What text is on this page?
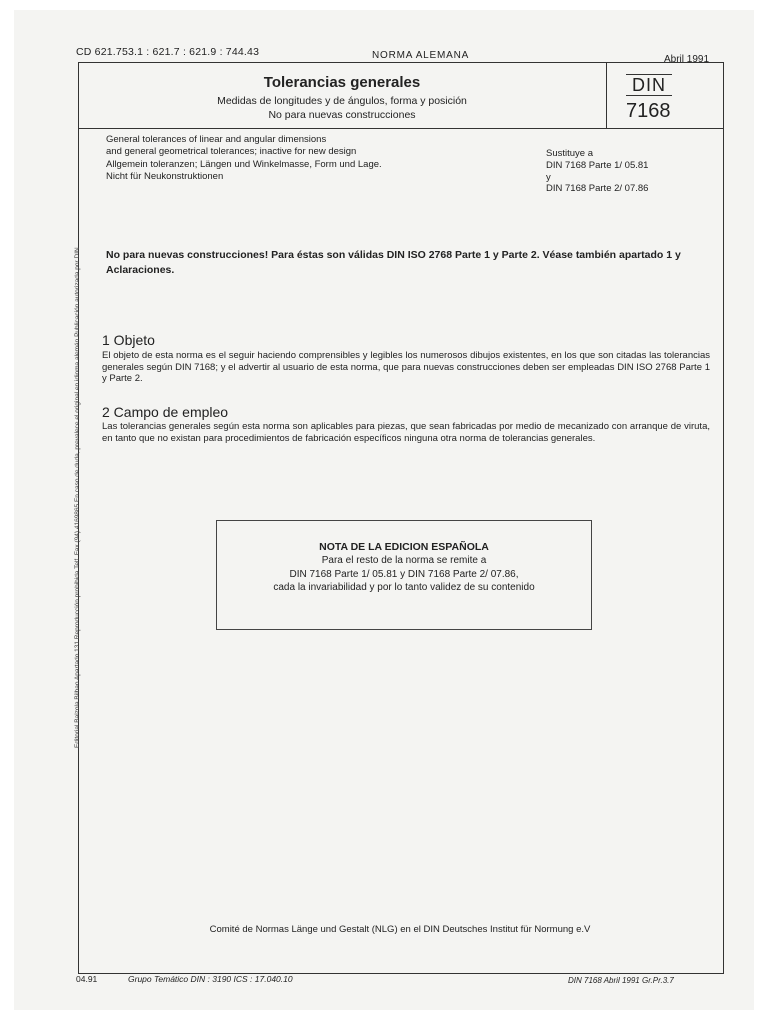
CD 621.753.1 : 621.7 : 621.9 : 744.43	NORMA ALEMANA	Abril 1991
Tolerancias generales
Medidas de longitudes y de ángulos, forma y posición
No para nuevas construcciones
DIN
7168
General tolerances of linear and angular dimensions
and general geometrical tolerances; inactive for new design
Allgemein toleranzen; Längen und Winkelmasse, Form und Lage.
Nicht für Neukonstruktionen
Sustituye a
DIN 7168 Parte 1/ 05.81
y
DIN 7168 Parte 2/ 07.86
No para nuevas construcciones! Para éstas son válidas DIN ISO 2768 Parte 1 y Parte 2. Véase también apartado 1 y Aclaraciones.
1 Objeto
El objeto de esta norma es el seguir haciendo comprensibles y legibles los numerosos dibujos existentes, en los que son citadas las tolerancias generales según DIN 7168; y el advertir al usuario de esta norma, que para nuevas construcciones deben ser empleadas DIN ISO 2768 Parte 1 y Parte 2.
2 Campo de empleo
Las tolerancias generales según esta norma son aplicables para piezas, que sean fabricadas por medio de mecanizado con arranque de viruta, en tanto que no existan para procedimientos de fabricación específicos ninguna otra norma de tolerancias generales.
NOTA DE LA EDICION ESPAÑOLA
Para el resto de la norma se remite a
DIN 7168 Parte 1/ 05.81 y DIN 7168 Parte 2/ 07.86,
cada la invariabilidad y por lo tanto validez de su contenido
Comité de Normas Länge und Gestalt (NLG) en el DIN Deutsches Institut für Normung e.V
04.91	Grupo Temático DIN : 3190 ICS : 17.040.10	DIN 7168 Abril 1991 Gr.Pr.3.7
Editorial Balzola Bilbao Apartado 131 Reproducción prohibida Telf. Fax (94) 4169865 En caso de duda, prevalece el original en idioma alemán Publicación autorizada por DIN
